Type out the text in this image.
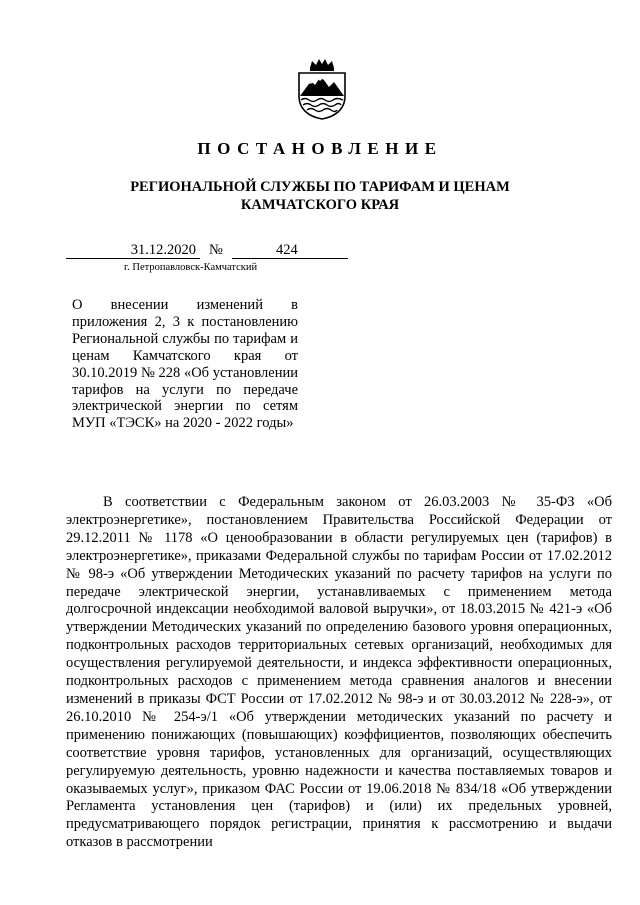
ПОСТАНОВЛЕНИЕ
РЕГИОНАЛЬНОЙ СЛУЖБЫ ПО ТАРИФАМ И ЦЕНАМ
КАМЧАТСКОГО КРАЯ
31.12.2020 №	424
г. Петропавловск-Камчатский
О внесении изменений в приложения 2, 3 к постановлению Региональной службы по тарифам и ценам Камчатского края от 30.10.2019 № 228 «Об установлении тарифов на услуги по передаче электрической энергии по сетям МУП «ТЭСК» на 2020 - 2022 годы»

В соответствии с Федеральным законом от 26.03.2003 № 35-ФЗ «Об электроэнергетике», постановлением Правительства Российской Федерации от 29.12.2011 № 1178 «О ценообразовании в области регулируемых цен (тарифов) в электроэнергетике», приказами Федеральной службы по тарифам России от 17.02.2012 № 98-э «Об утверждении Методических указаний по расчету тарифов на услуги по передаче электрической энергии, устанавливаемых с применением метода долгосрочной индексации необходимой валовой выручки», от 18.03.2015 № 421-э «Об утверждении Методических указаний по определению базового уровня операционных, подконтрольных расходов территориальных сетевых организаций, необходимых для осуществления регулируемой деятельности, и индекса эффективности операционных, подконтрольных расходов с применением метода сравнения аналогов и внесении изменений в приказы ФСТ России от 17.02.2012 № 98-э и от 30.03.2012 № 228-э», от 26.10.2010 № 254-э/1 «Об утверждении методических указаний по расчету и применению понижающих (повышающих) коэффициентов, позволяющих обеспечить соответствие уровня тарифов, установленных для организаций, осуществляющих регулируемую деятельность, уровню надежности и качества поставляемых товаров и оказываемых услуг», приказом ФАС России от 19.06.2018 № 834/18 «Об утверждении Регламента установления цен (тарифов) и (или) их предельных уровней, предусматривающего порядок регистрации, принятия к рассмотрению и выдачи отказов в рассмотрении
